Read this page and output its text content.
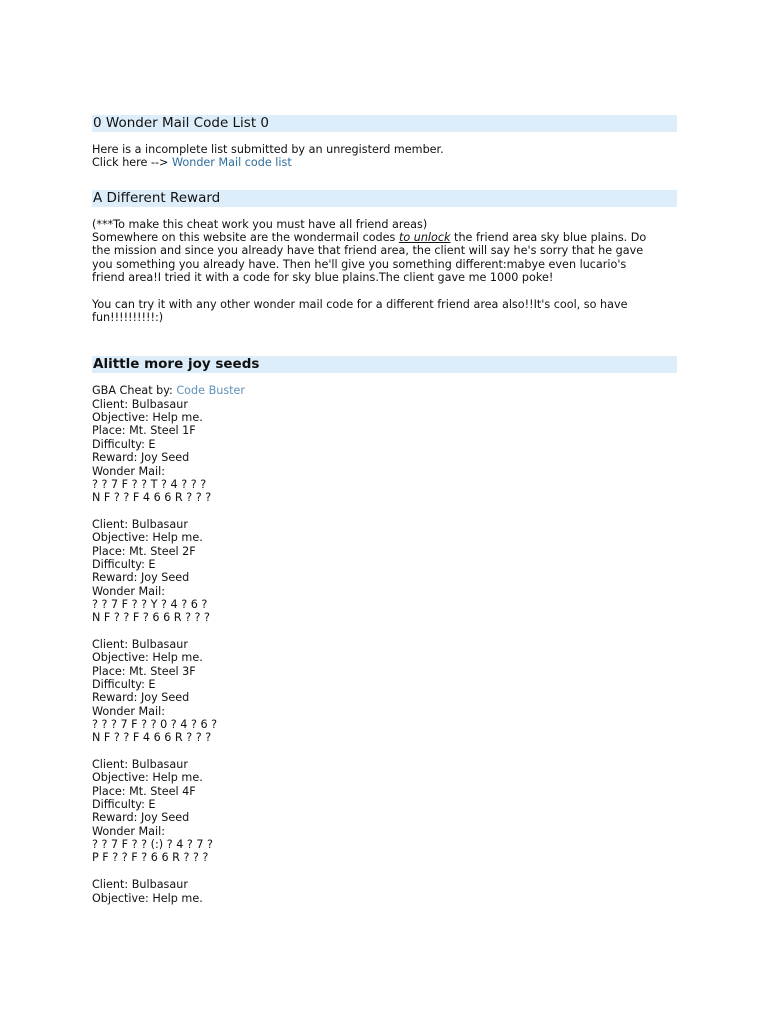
0 Wonder Mail Code List 0

Here is a incomplete list submitted by an unregisterd member.

Click here --> Wonder Mail code list

A Different Reward

(***To make this cheat work you must have all friend areas)

Somewhere on this website are the wondermail codes to unlock the friend area sky blue plains. Do

the mission and since you already have that friend area, the client will say he's sorry that he gave

you something you already have. Then he'll give you something different:mabye even lucario's

friend area!I tried it with a code for sky blue plains.The client gave me 1000 poke!

You can try it with any other wonder mail code for a different friend area also!!It's cool, so have

fun!!!!!!!!!!:)

Alittle more joy seeds

GBA Cheat by: Code Buster

Client: Bulbasaur

Objective: Help me.

Place: Mt. Steel 1F

Difficulty: E

Reward: Joy Seed

Wonder Mail:

? ? 7 F ? ? T ? 4 ? ? ?

N F ? ? F 4 6 6 R ? ? ?

Client: Bulbasaur

Objective: Help me.

Place: Mt. Steel 2F

Difficulty: E

Reward: Joy Seed

Wonder Mail:

? ? 7 F ? ? Y ? 4 ? 6 ?

N F ? ? F ? 6 6 R ? ? ?

Client: Bulbasaur

Objective: Help me.

Place: Mt. Steel 3F

Difficulty: E

Reward: Joy Seed

Wonder Mail:

? ? ? 7 F ? ? 0 ? 4 ? 6 ?

N F ? ? F 4 6 6 R ? ? ?

Client: Bulbasaur

Objective: Help me.

Place: Mt. Steel 4F

Difficulty: E

Reward: Joy Seed

Wonder Mail:

? ? 7 F ? ? (:) ? 4 ? 7 ?

P F ? ? F ? 6 6 R ? ? ?

Client: Bulbasaur

Objective: Help me.
